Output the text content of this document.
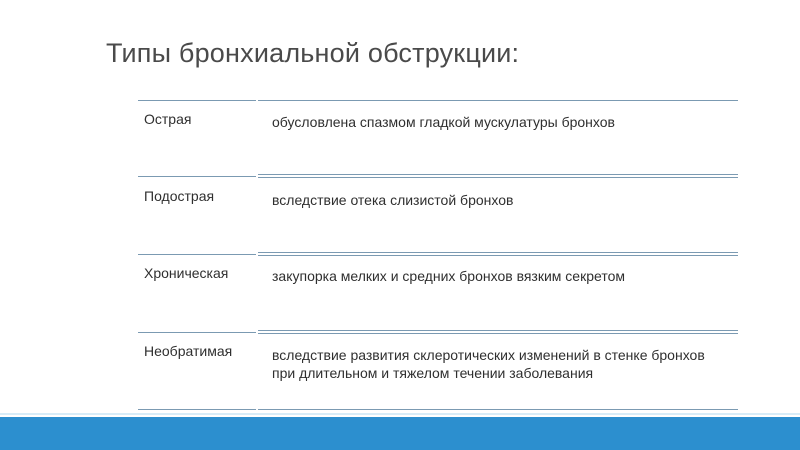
Типы бронхиальной обструкции:
Острая	обусловлена спазмом гладкой мускулатуры бронхов
Подострая	вследствие отека слизистой бронхов
Хроническая	закупорка мелких и средних бронхов вязким секретом
Необратимая	вследствие развития склеротических изменений в стенке бронхов при длительном и тяжелом течении заболевания
